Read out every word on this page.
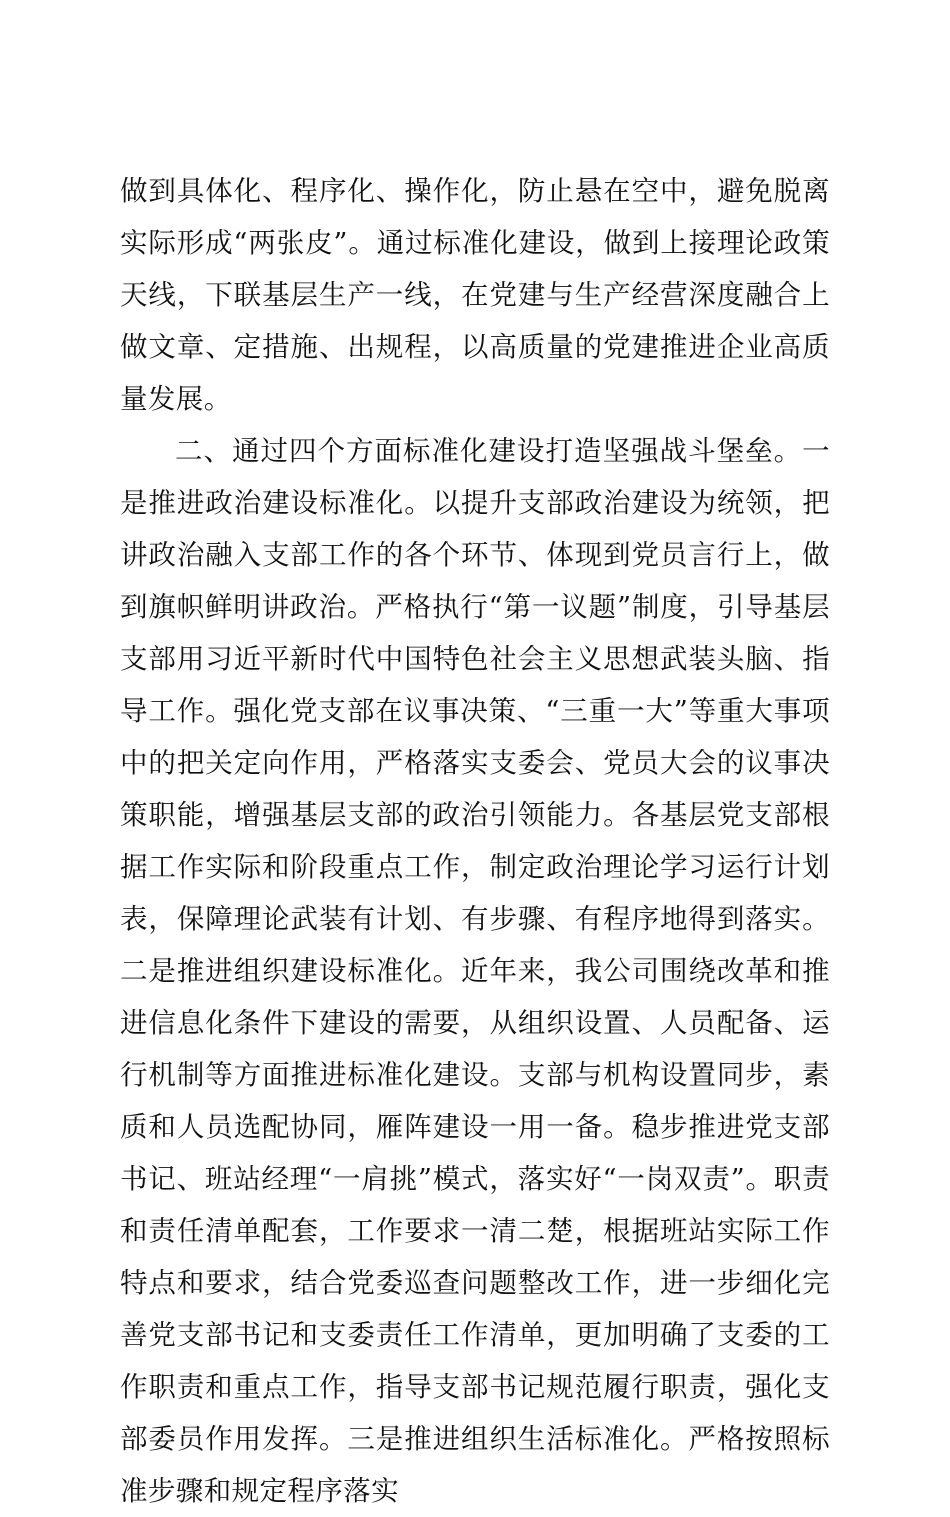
做到具体化、程序化、操作化，防止悬在空中，避免脱离实际形成“两张皮”。通过标准化建设，做到上接理论政策天线，下联基层生产一线，在党建与生产经营深度融合上做文章、定措施、出规程，以高质量的党建推进企业高质量发展。

二、通过四个方面标准化建设打造坚强战斗堡垒。一是推进政治建设标准化。以提升支部政治建设为统领，把讲政治融入支部工作的各个环节、体现到党员言行上，做到旗帜鲜明讲政治。严格执行“第一议题”制度，引导基层支部用习近平新时代中国特色社会主义思想武装头脑、指导工作。强化党支部在议事决策、“三重一大”等重大事项中的把关定向作用，严格落实支委会、党员大会的议事决策职能，增强基层支部的政治引领能力。各基层党支部根据工作实际和阶段重点工作，制定政治理论学习运行计划表，保障理论武装有计划、有步骤、有程序地得到落实。二是推进组织建设标准化。近年来，我公司围绕改革和推进信息化条件下建设的需要，从组织设置、人员配备、运行机制等方面推进标准化建设。支部与机构设置同步，素质和人员选配协同，雁阵建设一用一备。稳步推进党支部书记、班站经理“一肩挑”模式，落实好“一岗双责”。职责和责任清单配套，工作要求一清二楚，根据班站实际工作特点和要求，结合党委巡查问题整改工作，进一步细化完善党支部书记和支委责任工作清单，更加明确了支委的工作职责和重点工作，指导支部书记规范履行职责，强化支部委员作用发挥。三是推进组织生活标准化。严格按照标准步骤和规定程序落实
